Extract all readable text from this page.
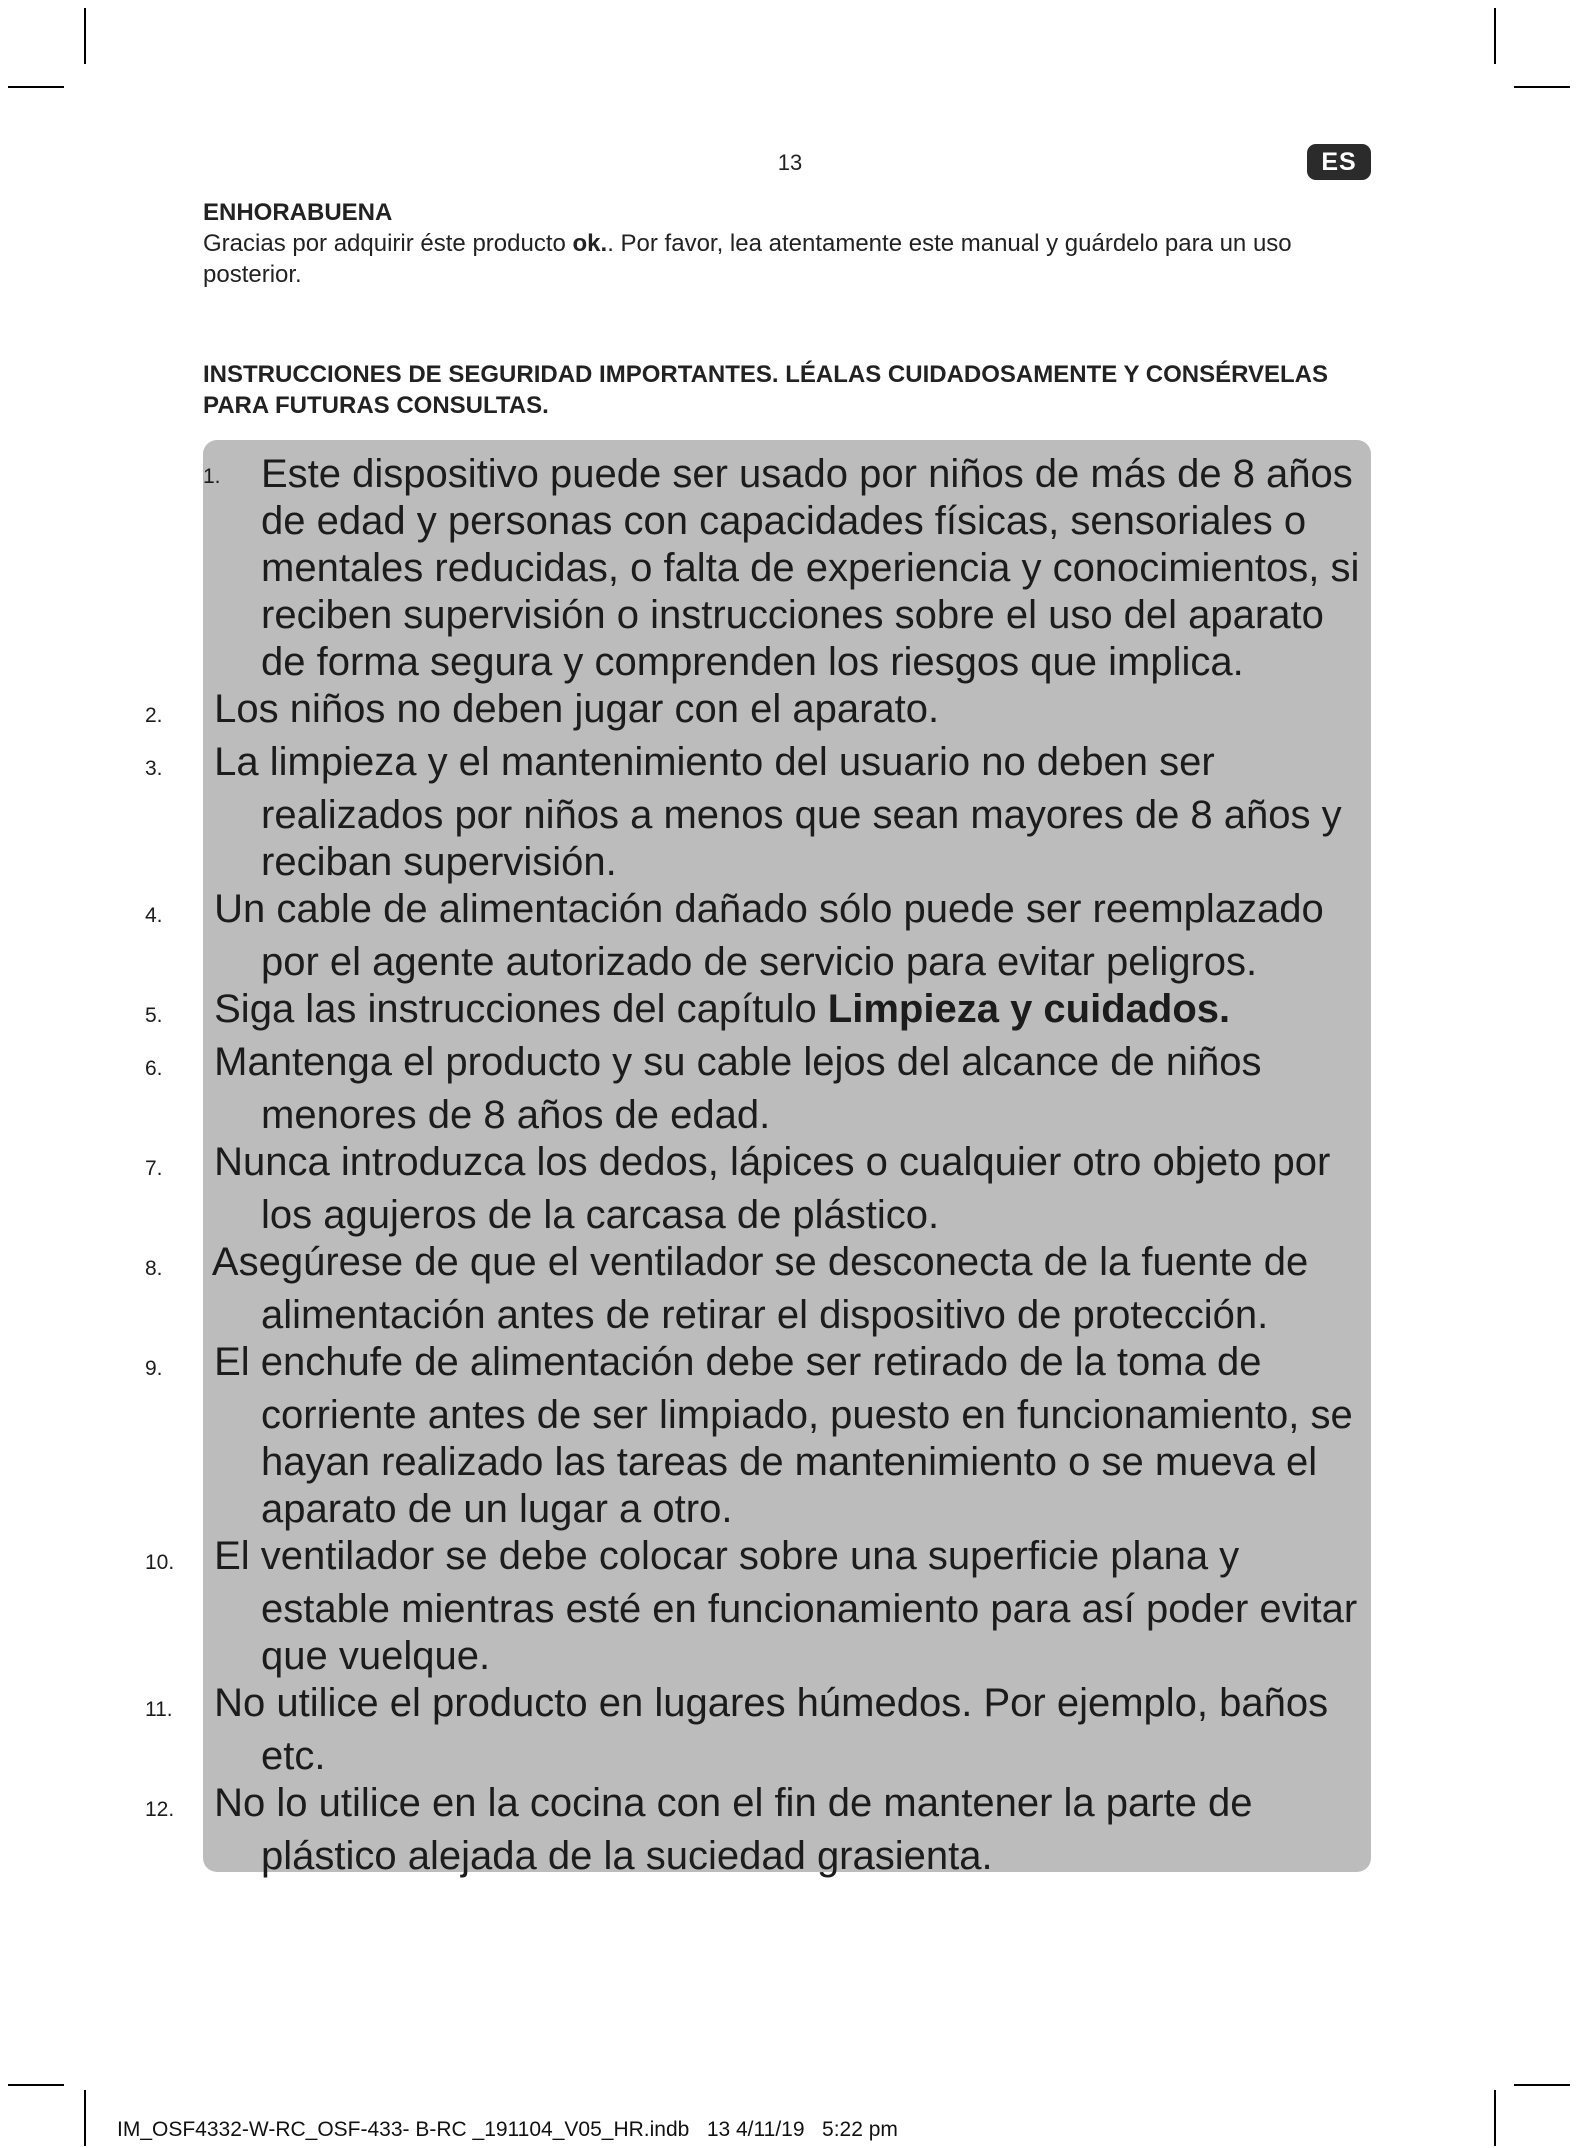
13	ES
ENHORABUENA
Gracias por adquirir éste producto ok.. Por favor, lea atentamente este manual y guárdelo para un uso posterior.
INSTRUCCIONES DE SEGURIDAD IMPORTANTES. LÉALAS CUIDADOSAMENTE Y CONSÉRVELAS PARA FUTURAS CONSULTAS.
1. Este dispositivo puede ser usado por niños de más de 8 años de edad y personas con capacidades físicas, sensoriales o mentales reducidas, o falta de experiencia y conocimientos, si reciben supervisión o instrucciones sobre el uso del aparato de forma segura y comprenden los riesgos que implica.
2. Los niños no deben jugar con el aparato.
3. La limpieza y el mantenimiento del usuario no deben ser realizados por niños a menos que sean mayores de 8 años y reciban supervisión.
4. Un cable de alimentación dañado sólo puede ser reemplazado por el agente autorizado de servicio para evitar peligros.
5. Siga las instrucciones del capítulo Limpieza y cuidados.
6. Mantenga el producto y su cable lejos del alcance de niños menores de 8 años de edad.
7. Nunca introduzca los dedos, lápices o cualquier otro objeto por los agujeros de la carcasa de plástico.
8. Asegúrese de que el ventilador se desconecta de la fuente de alimentación antes de retirar el dispositivo de protección.
9. El enchufe de alimentación debe ser retirado de la toma de corriente antes de ser limpiado, puesto en funcionamiento, se hayan realizado las tareas de mantenimiento o se mueva el aparato de un lugar a otro.
10. El ventilador se debe colocar sobre una superficie plana y estable mientras esté en funcionamiento para así poder evitar que vuelque.
11. No utilice el producto en lugares húmedos. Por ejemplo, baños etc.
12. No lo utilice en la cocina con el fin de mantener la parte de plástico alejada de la suciedad grasienta.
IM_OSF4332-W-RC_OSF-433- B-RC _191104_V05_HR.indb   13 4/11/19   5:22 pm
